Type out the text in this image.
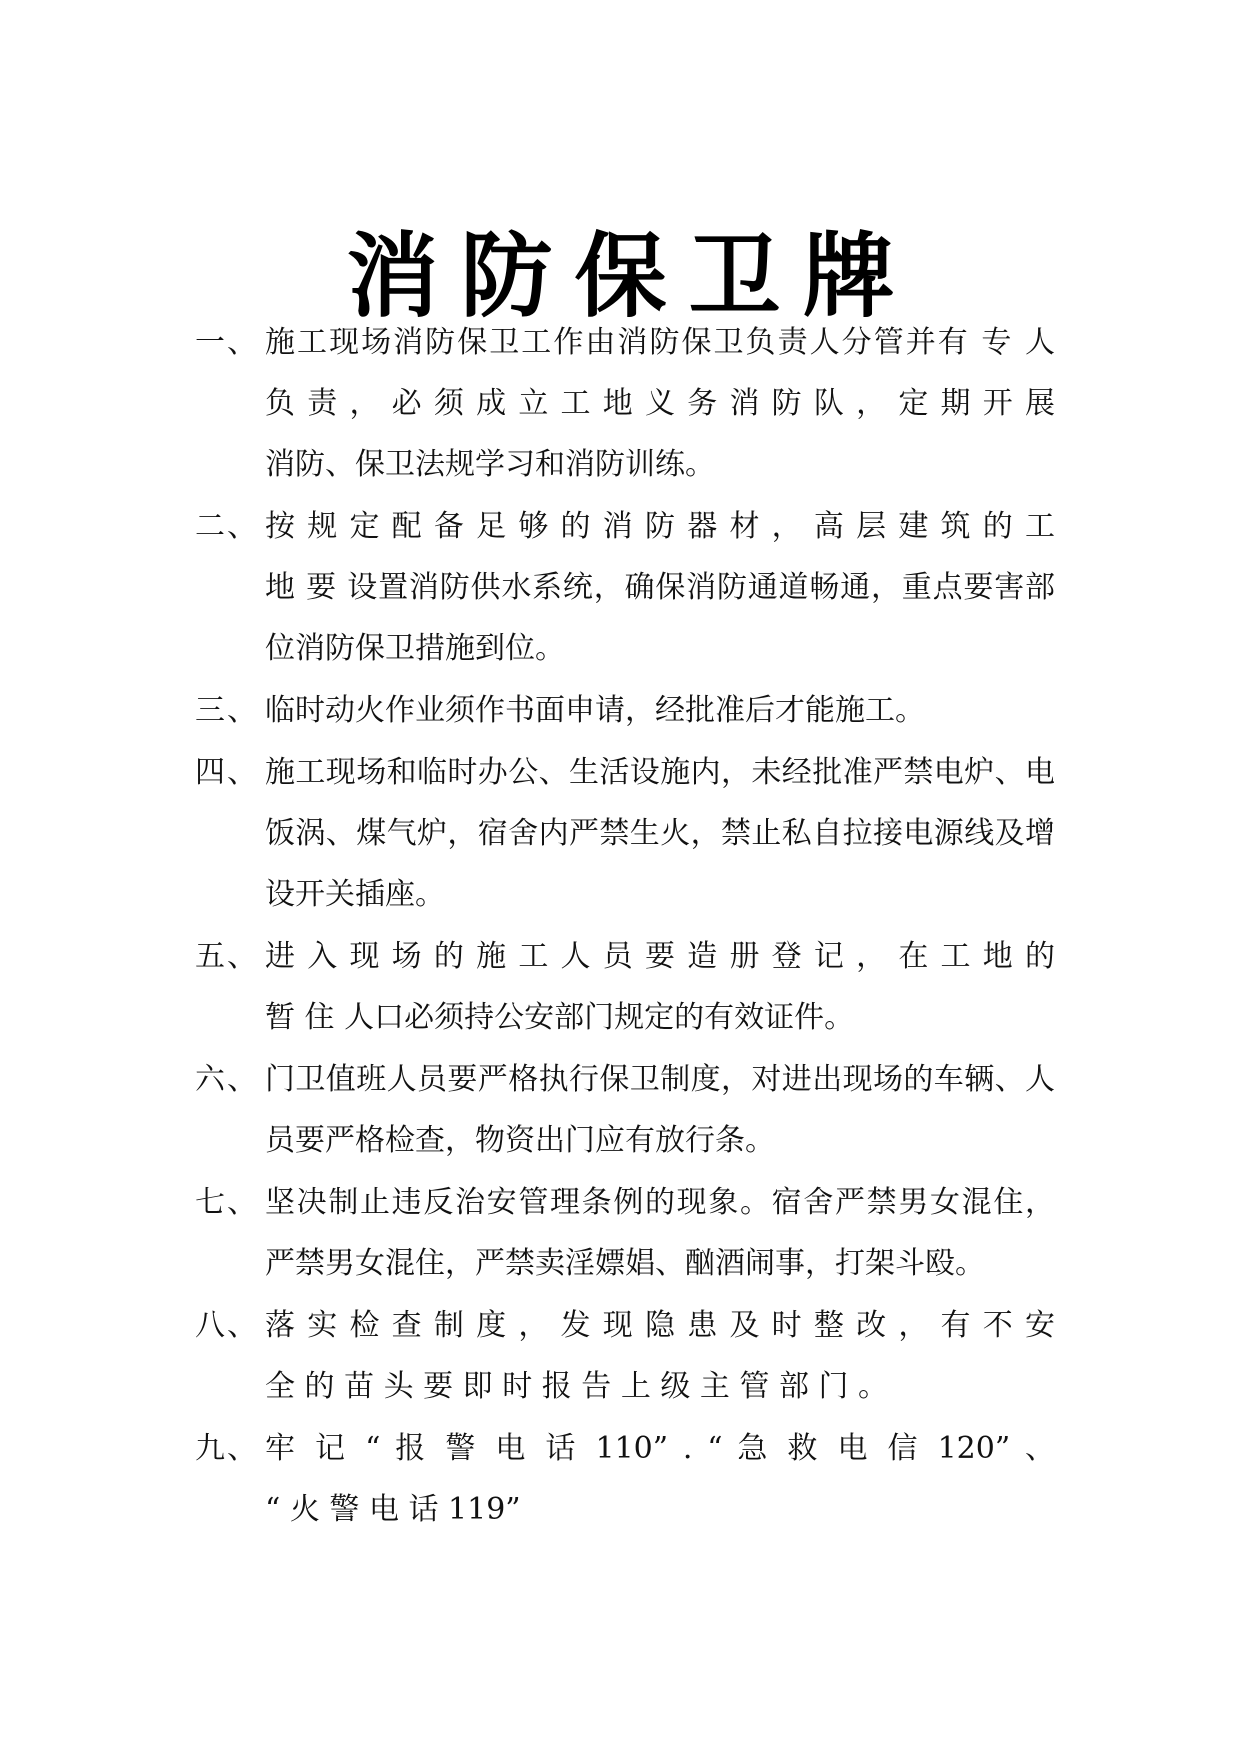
消防保卫牌
一、 施工现场消防保卫工作由消防保卫负责人分管并有 专 人
负 责 ， 必 须 成 立 工 地 义 务 消 防 队 ， 定 期 开 展
消防、保卫法规学习和消防训练。
二、 按 规 定 配 备 足 够 的 消 防 器 材 ， 高 层 建 筑 的 工
地 要 设置消防供水系统，确保消防通道畅通，重点要害部
位消防保卫措施到位。
三、 临时动火作业须作书面申请，经批准后才能施工。
四、 施工现场和临时办公、生活设施内，未经批准严禁电炉、电
饭涡、煤气炉，宿舍内严禁生火，禁止私自拉接电源线及增
设开关插座。
五、 进 入 现 场 的 施 工 人 员 要 造 册 登 记 ， 在 工 地 的
暂 住 人口必须持公安部门规定的有效证件。
六、 门卫值班人员要严格执行保卫制度，对进出现场的车辆、人
员要严格检查，物资出门应有放行条。
七、 坚决制止违反治安管理条例的现象。宿舍严禁男女混住，
严禁男女混住，严禁卖淫嫖娼、酗酒闹事，打架斗殴。
八、 落 实 检 查 制 度 ， 发 现 隐 患 及 时 整 改 ， 有 不 安
全 的 苗 头 要 即 时 报 告 上 级 主 管 部 门 。
九、 牢 记 “ 报 警 电 话 110” . “ 急 救 电 信 120” 、
“ 火 警 电 话 119”
